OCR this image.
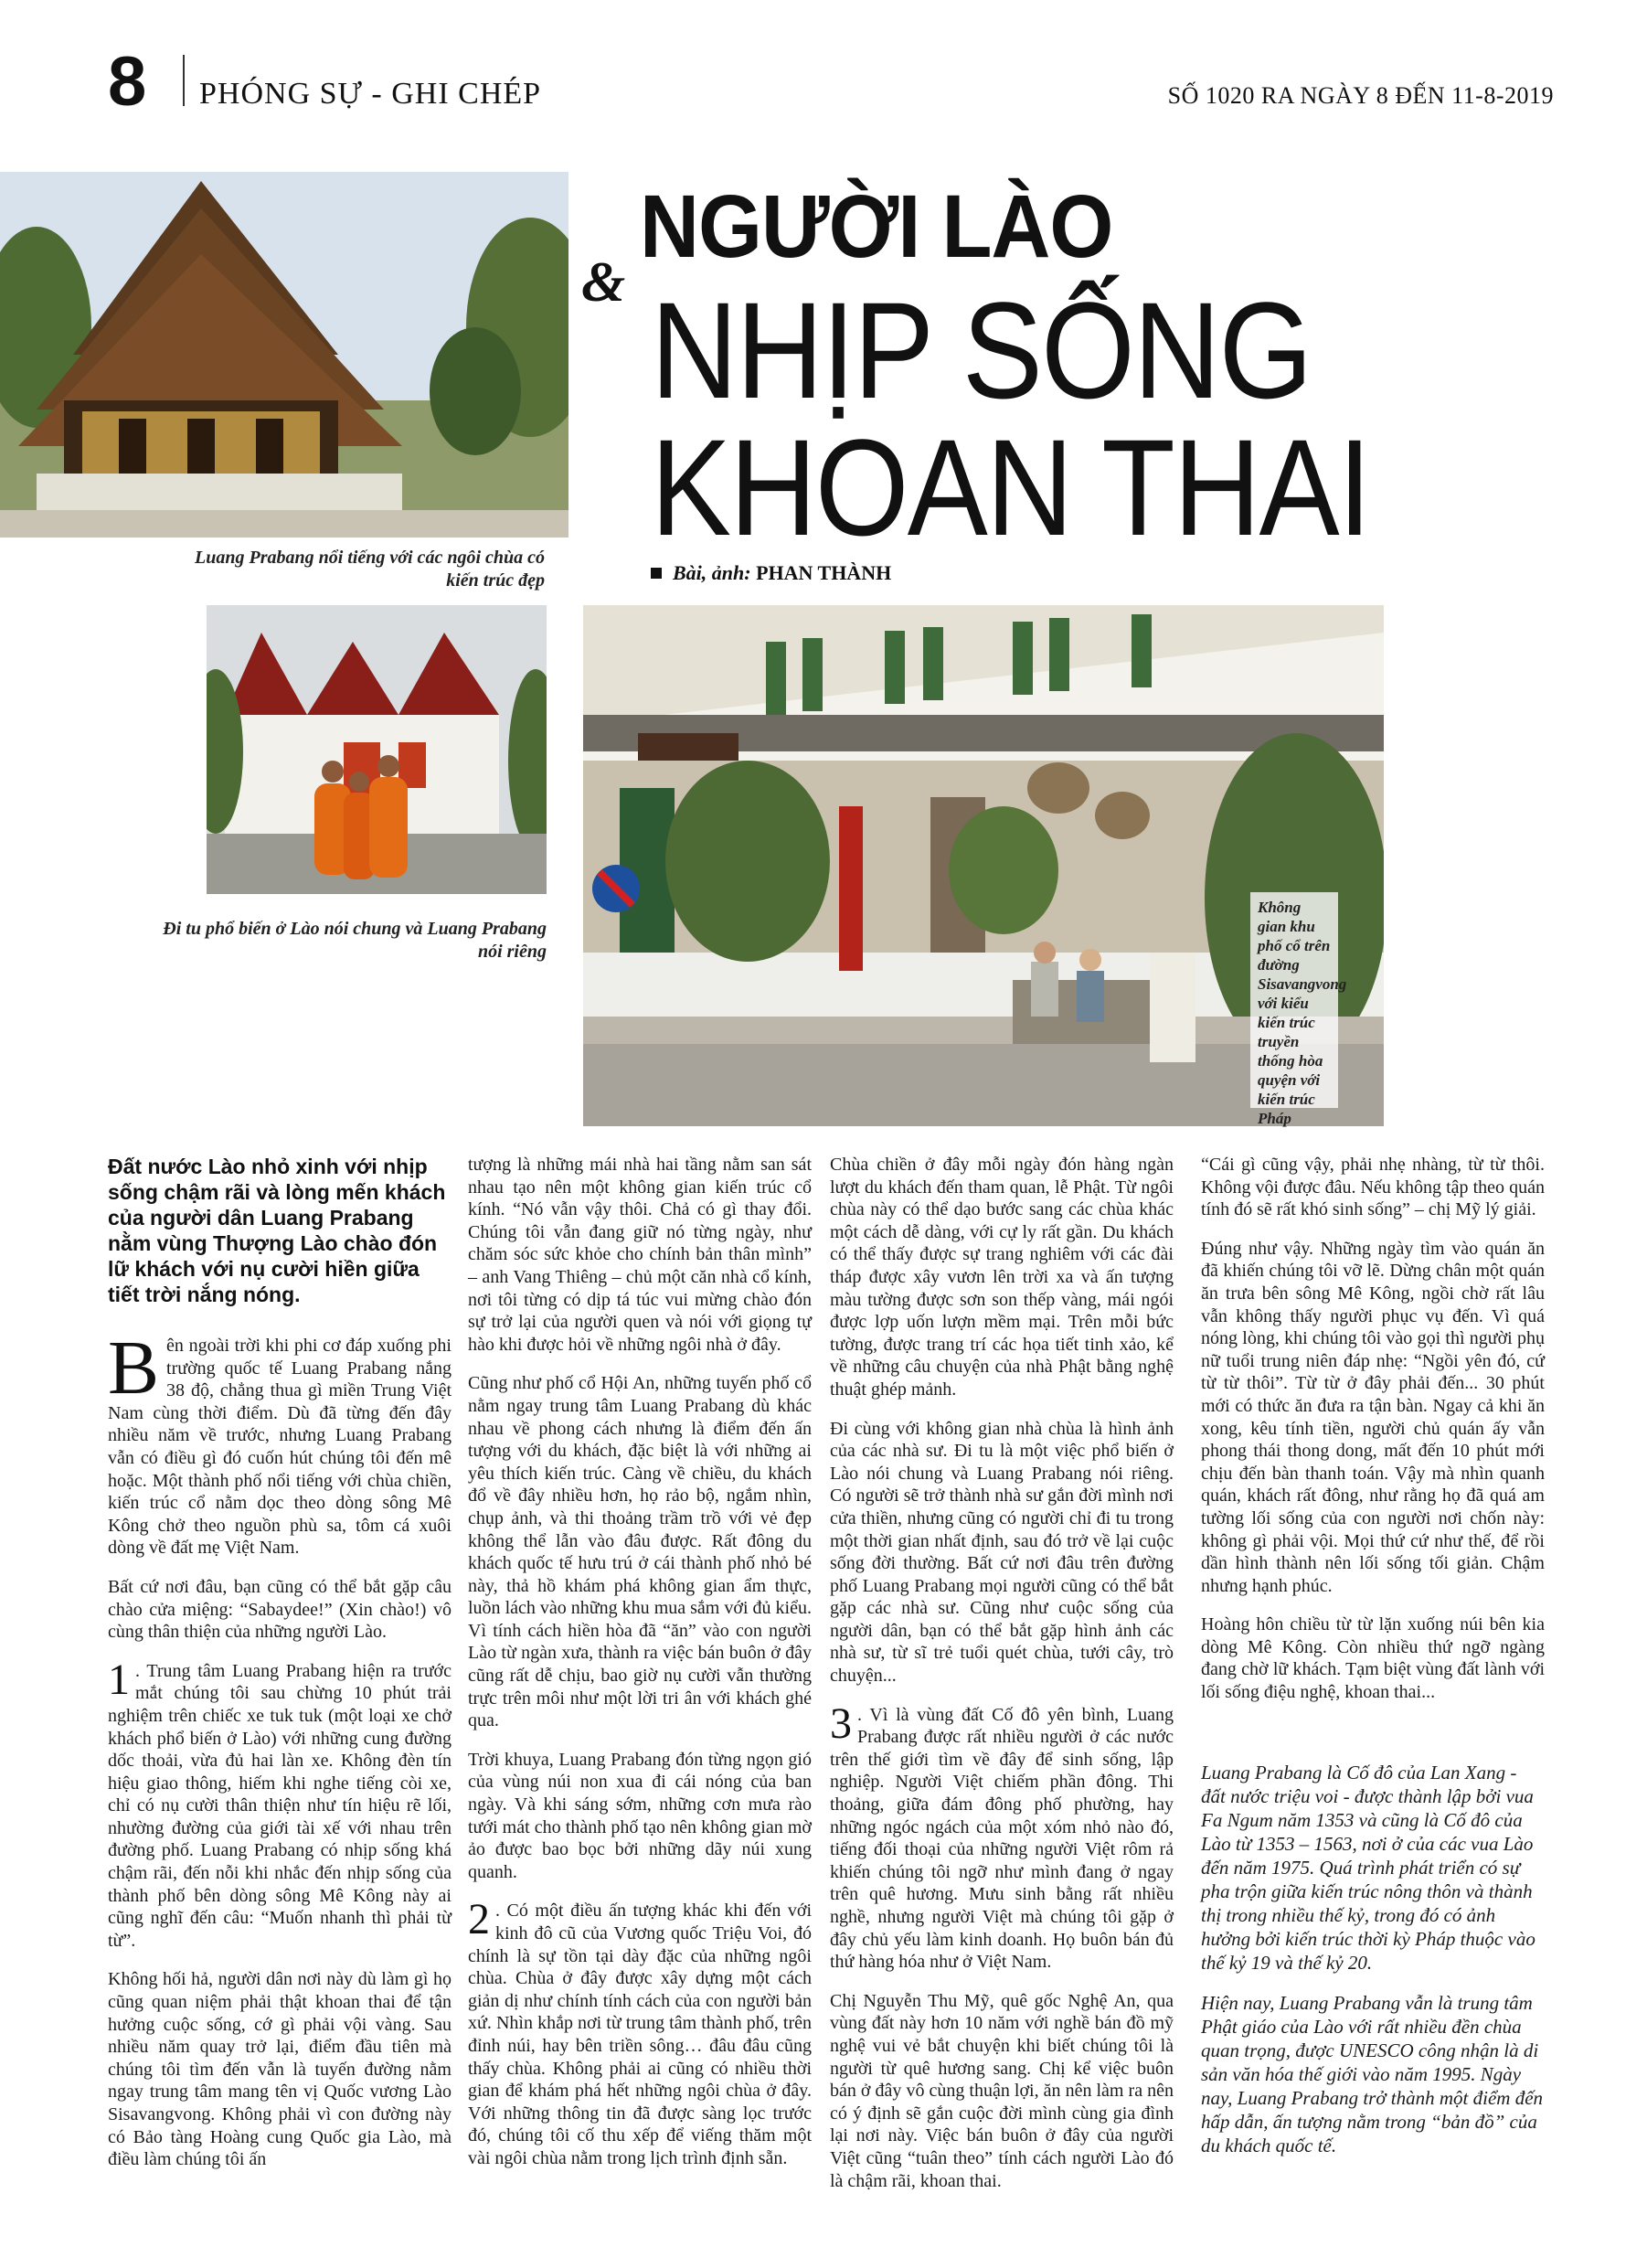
8 PHÓNG SỰ - GHI CHÉP	SỐ 1020 RA NGÀY 8 ĐẾN 11-8-2019
Luang Prabang nổi tiếng với các ngôi chùa có kiến trúc đẹp
Đi tu phổ biến ở Lào nói chung và Luang Prabang nói riêng
NGƯỜI LÀO
& NHỊP SỐNG
KHOAN THAI
Bài, ảnh: PHAN THÀNH
Không gian khu phố cổ trên đường Sisavangvong với kiểu kiến trúc truyền thống hòa quyện với kiến trúc Pháp

Đất nước Lào nhỏ xinh với nhịp sống chậm rãi và lòng mến khách của người dân Luang Prabang nằm vùng Thượng Lào chào đón lữ khách với nụ cười hiền giữa tiết trời nắng nóng.

Bên ngoài trời khi phi cơ đáp xuống phi trường quốc tế Luang Prabang nắng 38 độ, chẳng thua gì miền Trung Việt Nam cùng thời điểm. Dù đã từng đến đây nhiều năm về trước, nhưng Luang Prabang vẫn có điều gì đó cuốn hút chúng tôi đến mê hoặc. Một thành phố nổi tiếng với chùa chiền, kiến trúc cổ nằm dọc theo dòng sông Mê Kông chở theo nguồn phù sa, tôm cá xuôi dòng về đất mẹ Việt Nam.

Bất cứ nơi đâu, bạn cũng có thể bắt gặp câu chào cửa miệng: “Sabaydee!” (Xin chào!) vô cùng thân thiện của những người Lào.

1 . Trung tâm Luang Prabang hiện ra trước mắt chúng tôi sau chừng 10 phút trải nghiệm trên chiếc xe tuk tuk (một loại xe chở khách phổ biến ở Lào) với những cung đường dốc thoải, vừa đủ hai làn xe. Không đèn tín hiệu giao thông, hiếm khi nghe tiếng còi xe, chỉ có nụ cười thân thiện như tín hiệu rẽ lối, nhường đường của giới tài xế với nhau trên đường phố. Luang Prabang có nhịp sống khá chậm rãi, đến nỗi khi nhắc đến nhịp sống của thành phố bên dòng sông Mê Kông này ai cũng nghĩ đến câu: “Muốn nhanh thì phải từ từ”.

Không hối hả, người dân nơi này dù làm gì họ cũng quan niệm phải thật khoan thai để tận hưởng cuộc sống, cớ gì phải vội vàng. Sau nhiều năm quay trở lại, điểm đầu tiên mà chúng tôi tìm đến vẫn là tuyến đường nằm ngay trung tâm mang tên vị Quốc vương Lào Sisavangvong. Không phải vì con đường này có Bảo tàng Hoàng cung Quốc gia Lào, mà điều làm chúng tôi ấn

tượng là những mái nhà hai tầng nằm san sát nhau tạo nên một không gian kiến trúc cổ kính. “Nó vẫn vậy thôi. Chả có gì thay đổi. Chúng tôi vẫn đang giữ nó từng ngày, như chăm sóc sức khỏe cho chính bản thân mình” – anh Vang Thiêng – chủ một căn nhà cổ kính, nơi tôi từng có dịp tá túc vui mừng chào đón sự trở lại của người quen và nói với giọng tự hào khi được hỏi về những ngôi nhà ở đây.

Cũng như phố cổ Hội An, những tuyến phố cổ nằm ngay trung tâm Luang Prabang dù khác nhau về phong cách nhưng là điểm đến ấn tượng với du khách, đặc biệt là với những ai yêu thích kiến trúc. Càng về chiều, du khách đổ về đây nhiều hơn, họ rảo bộ, ngắm nhìn, chụp ảnh, và thi thoảng trầm trồ với vẻ đẹp không thể lẫn vào đâu được. Rất đông du khách quốc tế hưu trú ở cái thành phố nhỏ bé này, thả hồ khám phá không gian ẩm thực, luồn lách vào những khu mua sắm với đủ kiểu. Vì tính cách hiền hòa đã “ăn” vào con người Lào từ ngàn xưa, thành ra việc bán buôn ở đây cũng rất dễ chịu, bao giờ nụ cười vẫn thường trực trên môi như một lời tri ân với khách ghé qua.

Trời khuya, Luang Prabang đón từng ngọn gió của vùng núi non xua đi cái nóng của ban ngày. Và khi sáng sớm, những cơn mưa rào tưới mát cho thành phố tạo nên không gian mờ ảo được bao bọc bởi những dãy núi xung quanh.

2 . Có một điều ấn tượng khác khi đến với kinh đô cũ của Vương quốc Triệu Voi, đó chính là sự tồn tại dày đặc của những ngôi chùa. Chùa ở đây được xây dựng một cách giản dị như chính tính cách của con người bản xứ. Nhìn khắp nơi từ trung tâm thành phố, trên đỉnh núi, hay bên triền sông… đâu đâu cũng thấy chùa. Không phải ai cũng có nhiều thời gian để khám phá hết những ngôi chùa ở đây. Với những thông tin đã được sàng lọc trước đó, chúng tôi cố thu xếp để viếng thăm một vài ngôi chùa nằm trong lịch trình định sẵn.

Chùa chiền ở đây mỗi ngày đón hàng ngàn lượt du khách đến tham quan, lễ Phật. Từ ngôi chùa này có thể dạo bước sang các chùa khác một cách dễ dàng, với cự ly rất gần. Du khách có thể thấy được sự trang nghiêm với các đài tháp được xây vươn lên trời xa và ấn tượng màu tường được sơn son thếp vàng, mái ngói được lợp uốn lượn mềm mại. Trên mỗi bức tường, được trang trí các họa tiết tinh xảo, kể về những câu chuyện của nhà Phật bằng nghệ thuật ghép mảnh.

Đi cùng với không gian nhà chùa là hình ảnh của các nhà sư. Đi tu là một việc phổ biến ở Lào nói chung và Luang Prabang nói riêng. Có người sẽ trở thành nhà sư gắn đời mình nơi cửa thiền, nhưng cũng có người chỉ đi tu trong một thời gian nhất định, sau đó trở về lại cuộc sống đời thường. Bất cứ nơi đâu trên đường phố Luang Prabang mọi người cũng có thể bắt gặp các nhà sư. Cũng như cuộc sống của người dân, bạn có thể bắt gặp hình ảnh các nhà sư, từ sĩ trẻ tuổi quét chùa, tưới cây, trò chuyện...

3 . Vì là vùng đất Cố đô yên bình, Luang Prabang được rất nhiều người ở các nước trên thế giới tìm về đây để sinh sống, lập nghiệp. Người Việt chiếm phần đông. Thi thoảng, giữa đám đông phố phường, hay những ngóc ngách của một xóm nhỏ nào đó, tiếng đối thoại của những người Việt rôm rả khiến chúng tôi ngỡ như mình đang ở ngay trên quê hương. Mưu sinh bằng rất nhiều nghề, nhưng người Việt mà chúng tôi gặp ở đây chủ yếu làm kinh doanh. Họ buôn bán đủ thứ hàng hóa như ở Việt Nam.

Chị Nguyễn Thu Mỹ, quê gốc Nghệ An, qua vùng đất này hơn 10 năm với nghề bán đồ mỹ nghệ vui vẻ bắt chuyện khi biết chúng tôi là người từ quê hương sang. Chị kể việc buôn bán ở đây vô cùng thuận lợi, ăn nên làm ra nên có ý định sẽ gắn cuộc đời mình cùng gia đình lại nơi này. Việc bán buôn ở đây của người Việt cũng “tuân theo” tính cách người Lào đó là chậm rãi, khoan thai.

“Cái gì cũng vậy, phải nhẹ nhàng, từ từ thôi. Không vội được đâu. Nếu không tập theo quán tính đó sẽ rất khó sinh sống” – chị Mỹ lý giải.

Đúng như vậy. Những ngày tìm vào quán ăn đã khiến chúng tôi vỡ lẽ. Dừng chân một quán ăn trưa bên sông Mê Kông, ngồi chờ rất lâu vẫn không thấy người phục vụ đến. Vì quá nóng lòng, khi chúng tôi vào gọi thì người phụ nữ tuổi trung niên đáp nhẹ: “Ngồi yên đó, cứ từ từ thôi”. Từ từ ở đây phải đến... 30 phút mới có thức ăn đưa ra tận bàn. Ngay cả khi ăn xong, kêu tính tiền, người chủ quán ấy vẫn phong thái thong dong, mất đến 10 phút mới chịu đến bàn thanh toán. Vậy mà nhìn quanh quán, khách rất đông, như rằng họ đã quá am tường lối sống của con người nơi chốn này: không gì phải vội. Mọi thứ cứ như thế, để rồi dần hình thành nên lối sống tối giản. Chậm nhưng hạnh phúc.

Hoàng hôn chiều từ từ lặn xuống núi bên kia dòng Mê Kông. Còn nhiều thứ ngỡ ngàng đang chờ lữ khách. Tạm biệt vùng đất lành với lối sống điệu nghệ, khoan thai...

Luang Prabang là Cố đô của Lan Xang - đất nước triệu voi - được thành lập bởi vua Fa Ngum năm 1353 và cũng là Cố đô của Lào từ 1353 – 1563, nơi ở của các vua Lào đến năm 1975. Quá trình phát triển có sự pha trộn giữa kiến trúc nông thôn và thành thị trong nhiều thế kỷ, trong đó có ảnh hưởng bởi kiến trúc thời kỳ Pháp thuộc vào thế kỷ 19 và thế kỷ 20.

Hiện nay, Luang Prabang vẫn là trung tâm Phật giáo của Lào với rất nhiều đền chùa quan trọng, được UNESCO công nhận là di sản văn hóa thế giới vào năm 1995. Ngày nay, Luang Prabang trở thành một điểm đến hấp dẫn, ấn tượng nằm trong “bản đồ” của du khách quốc tế.
